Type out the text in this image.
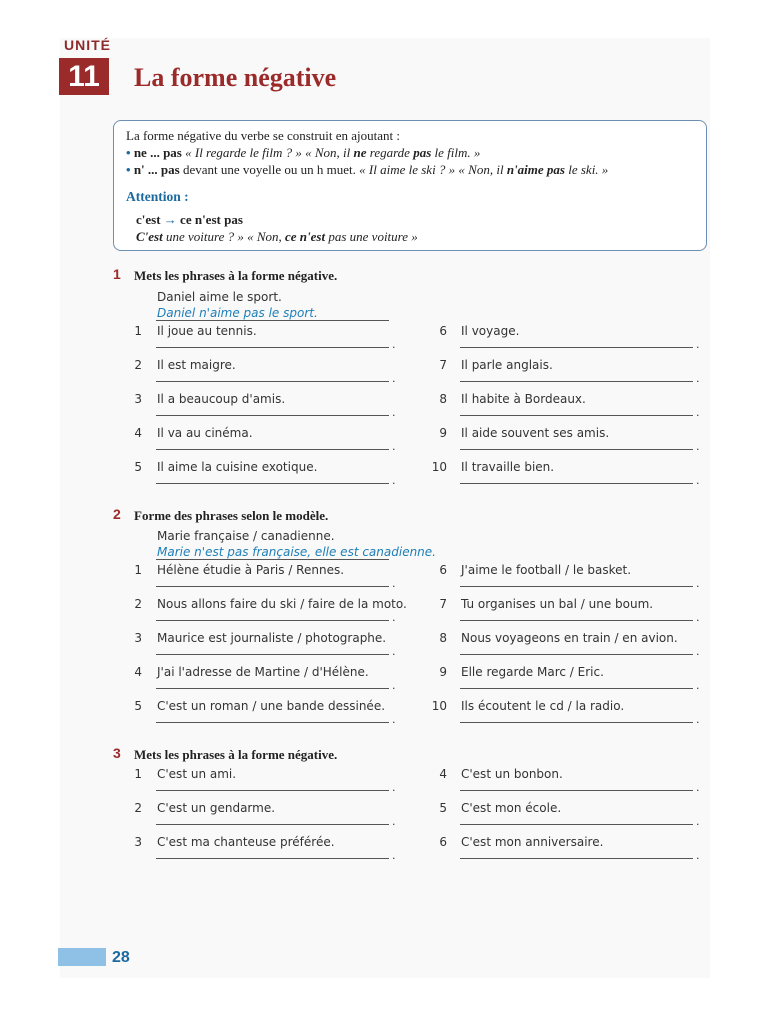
UNITÉ
11	La forme négative
La forme négative du verbe se construit en ajoutant :
• ne ... pas « Il regarde le film ? » « Non, il ne regarde pas le film. »
• n' ... pas devant une voyelle ou un h muet. « Il aime le ski ? » « Non, il n'aime pas le ski. »
Attention :
c'est → ce n'est pas
C'est une voiture ? » « Non, ce n'est pas une voiture »
1 Mets les phrases à la forme négative.
Daniel aime le sport.
Daniel n'aime pas le sport.
1 Il joue au tennis.
.
2 Il est maigre.
.
3 Il a beaucoup d'amis.
.
4 Il va au cinéma.
.
5 Il aime la cuisine exotique.
.
6 Il voyage.
.
7 Il parle anglais.
.
8 Il habite à Bordeaux.
.
9 Il aide souvent ses amis.
.
10 Il travaille bien.
.
2 Forme des phrases selon le modèle.
Marie française / canadienne.
Marie n'est pas française, elle est canadienne.
1 Hélène étudie à Paris / Rennes.
.
2 Nous allons faire du ski / faire de la moto.
.
3 Maurice est journaliste / photographe.
.
4 J'ai l'adresse de Martine / d'Hélène.
.
5 C'est un roman / une bande dessinée.
.
6 J'aime le football / le basket.
.
7 Tu organises un bal / une boum.
.
8 Nous voyageons en train / en avion.
.
9 Elle regarde Marc / Eric.
.
10 Ils écoutent le cd / la radio.
.
3 Mets les phrases à la forme négative.
1 C'est un ami.
.
2 C'est un gendarme.
.
3 C'est ma chanteuse préférée.
.
4 C'est un bonbon.
.
5 C'est mon école.
.
6 C'est mon anniversaire.
.
28
